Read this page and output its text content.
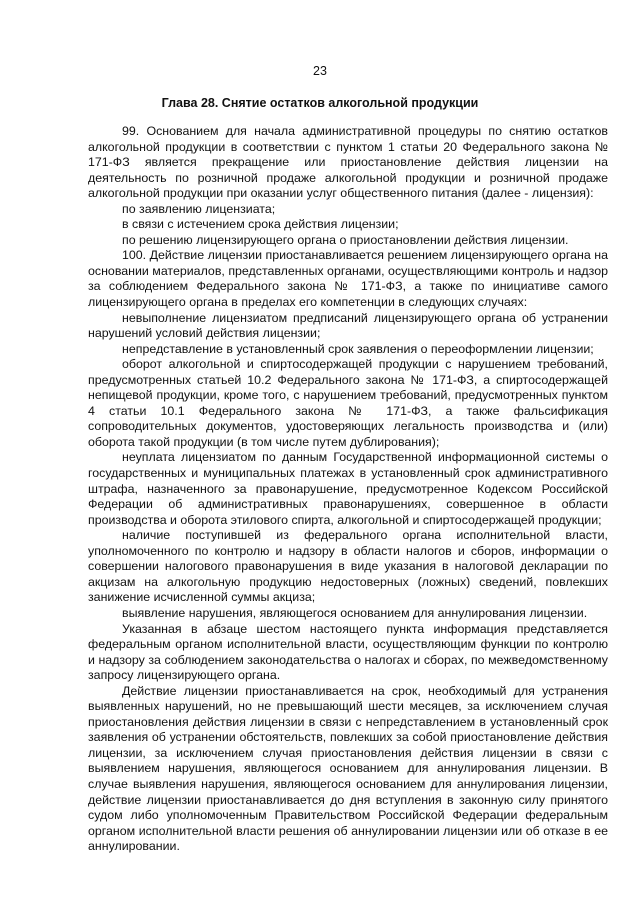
23
Глава 28. Снятие остатков алкогольной продукции

99. Основанием для начала административной процедуры по снятию остатков алкогольной продукции в соответствии с пунктом 1 статьи 20 Федерального закона № 171-ФЗ является прекращение или приостановление действия лицензии на деятельность по розничной продаже алкогольной продукции и розничной продаже алкогольной продукции при оказании услуг общественного питания (далее - лицензия):

по заявлению лицензиата;

в связи с истечением срока действия лицензии;

по решению лицензирующего органа о приостановлении действия лицензии.

100. Действие лицензии приостанавливается решением лицензирующего органа на основании материалов, представленных органами, осуществляющими контроль и надзор за соблюдением Федерального закона № 171-ФЗ, а также по инициативе самого лицензирующего органа в пределах его компетенции в следующих случаях:

невыполнение лицензиатом предписаний лицензирующего органа об устранении нарушений условий действия лицензии;

непредставление в установленный срок заявления о переоформлении лицензии;

оборот алкогольной и спиртосодержащей продукции с нарушением требований, предусмотренных статьей 10.2 Федерального закона № 171-ФЗ, а спиртосодержащей непищевой продукции, кроме того, с нарушением требований, предусмотренных пунктом 4 статьи 10.1 Федерального закона № 171-ФЗ, а также фальсификация сопроводительных документов, удостоверяющих легальность производства и (или) оборота такой продукции (в том числе путем дублирования);

неуплата лицензиатом по данным Государственной информационной системы о государственных и муниципальных платежах в установленный срок административного штрафа, назначенного за правонарушение, предусмотренное Кодексом Российской Федерации об административных правонарушениях, совершенное в области производства и оборота этилового спирта, алкогольной и спиртосодержащей продукции;

наличие поступившей из федерального органа исполнительной власти, уполномоченного по контролю и надзору в области налогов и сборов, информации о совершении налогового правонарушения в виде указания в налоговой декларации по акцизам на алкогольную продукцию недостоверных (ложных) сведений, повлекших занижение исчисленной суммы акциза;

выявление нарушения, являющегося основанием для аннулирования лицензии.

Указанная в абзаце шестом настоящего пункта информация представляется федеральным органом исполнительной власти, осуществляющим функции по контролю и надзору за соблюдением законодательства о налогах и сборах, по межведомственному запросу лицензирующего органа.

Действие лицензии приостанавливается на срок, необходимый для устранения выявленных нарушений, но не превышающий шести месяцев, за исключением случая приостановления действия лицензии в связи с непредставлением в установленный срок заявления об устранении обстоятельств, повлекших за собой приостановление действия лицензии, за исключением случая приостановления действия лицензии в связи с выявлением нарушения, являющегося основанием для аннулирования лицензии. В случае выявления нарушения, являющегося основанием для аннулирования лицензии, действие лицензии приостанавливается до дня вступления в законную силу принятого судом либо уполномоченным Правительством Российской Федерации федеральным органом исполнительной власти решения об аннулировании лицензии или об отказе в ее аннулировании.
